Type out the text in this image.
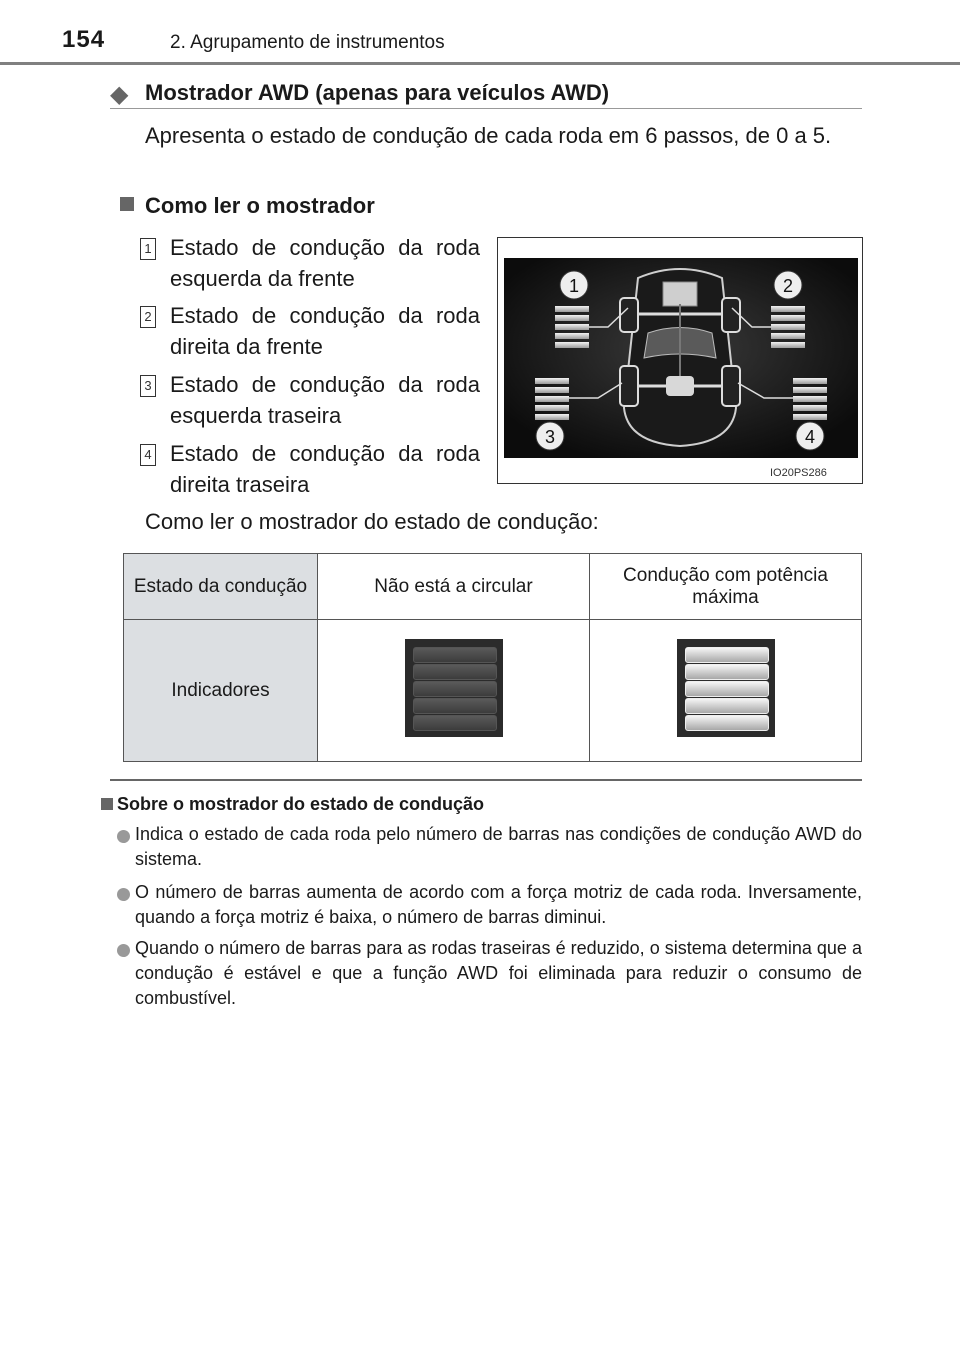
154	2. Agrupamento de instrumentos
◆ Mostrador AWD (apenas para veículos AWD)
Apresenta o estado de condução de cada roda em 6 passos, de 0 a 5.
Como ler o mostrador
1 Estado de condução da roda esquerda da frente
2 Estado de condução da roda direita da frente
3 Estado de condução da roda esquerda traseira
4 Estado de condução da roda direita traseira
1	2
3	4
IO20PS286
Como ler o mostrador do estado de condução:
Estado da condução	Não está a circular	Condução com potência máxima
Indicadores	

Sobre o mostrador do estado de condução
Indica o estado de cada roda pelo número de barras nas condições de condução AWD do sistema.
O número de barras aumenta de acordo com a força motriz de cada roda. Inversamente, quando a força motriz é baixa, o número de barras diminui.
Quando o número de barras para as rodas traseiras é reduzido, o sistema determina que a condução é estável e que a função AWD foi eliminada para reduzir o consumo de combustível.
